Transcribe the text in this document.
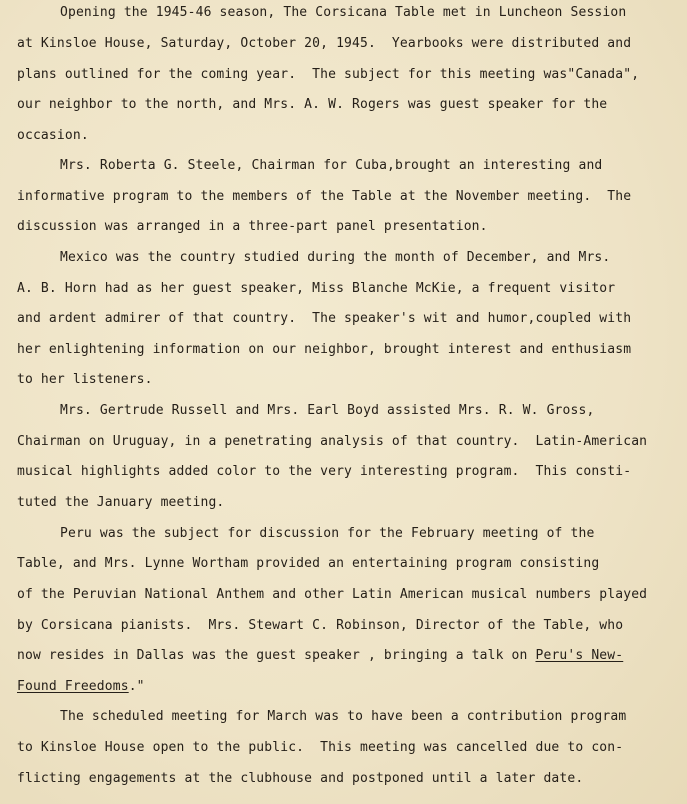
Opening the 1945-46 season, The Corsicana Table met in Luncheon Session

at Kinsloe House, Saturday, October 20, 1945.  Yearbooks were distributed and

plans outlined for the coming year.  The subject for this meeting was"Canada",

our neighbor to the north, and Mrs. A. W. Rogers was guest speaker for the

occasion.

Mrs. Roberta G. Steele, Chairman for Cuba,brought an interesting and

informative program to the members of the Table at the November meeting.  The

discussion was arranged in a three-part panel presentation.

Mexico was the country studied during the month of December, and Mrs.

A. B. Horn had as her guest speaker, Miss Blanche McKie, a frequent visitor

and ardent admirer of that country.  The speaker's wit and humor,coupled with

her enlightening information on our neighbor, brought interest and enthusiasm

to her listeners.

Mrs. Gertrude Russell and Mrs. Earl Boyd assisted Mrs. R. W. Gross,

Chairman on Uruguay, in a penetrating analysis of that country.  Latin-American

musical highlights added color to the very interesting program.  This consti-

tuted the January meeting.

Peru was the subject for discussion for the February meeting of the

Table, and Mrs. Lynne Wortham provided an entertaining program consisting

of the Peruvian National Anthem and other Latin American musical numbers played

by Corsicana pianists.  Mrs. Stewart C. Robinson, Director of the Table, who

now resides in Dallas was the guest speaker , bringing a talk on Peru's New-

Found Freedoms."

The scheduled meeting for March was to have been a contribution program

to Kinsloe House open to the public.  This meeting was cancelled due to con-

flicting engagements at the clubhouse and postponed until a later date.
